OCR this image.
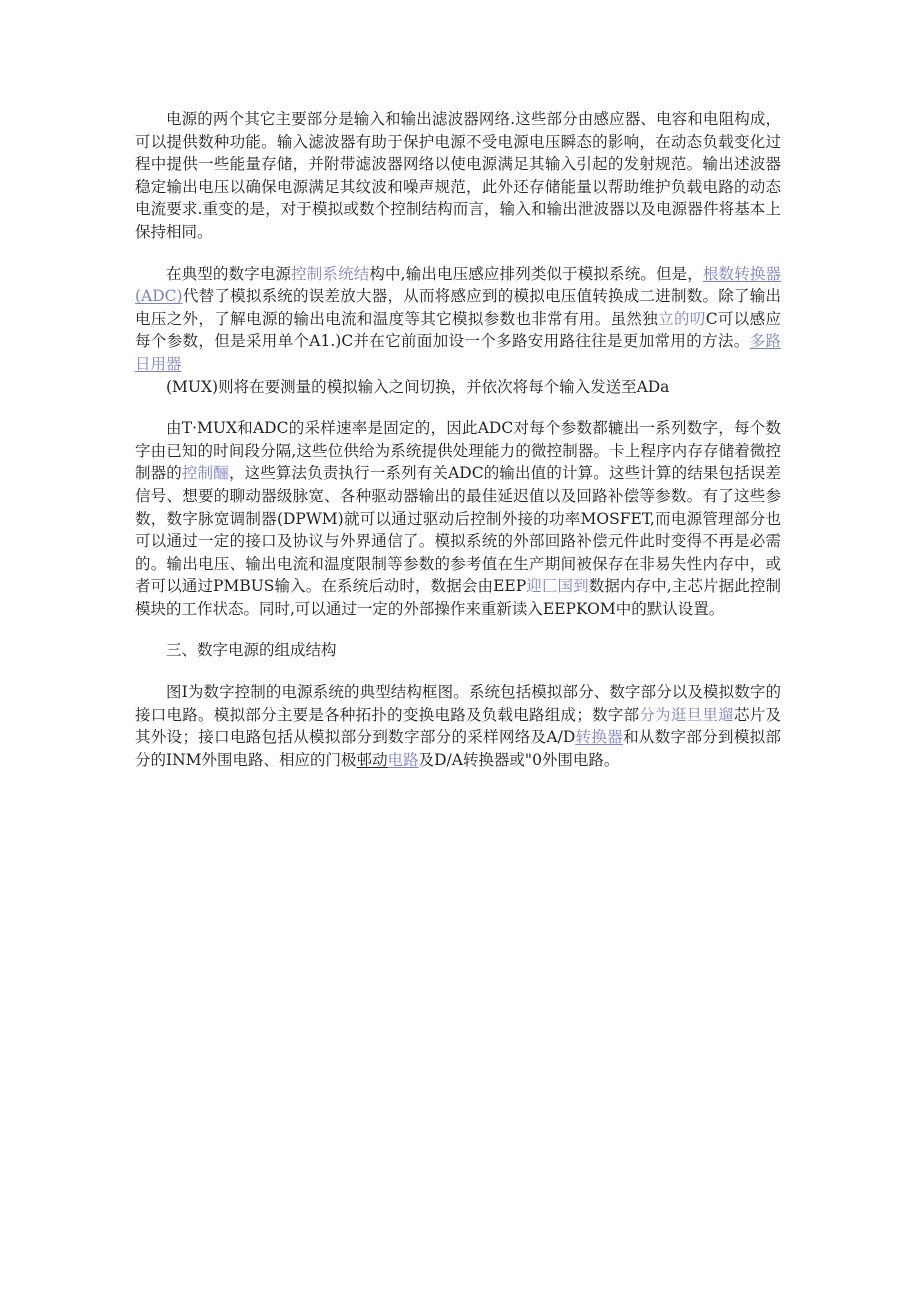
电源的两个其它主要部分是输入和输出滤波器网络.这些部分由感应器、电容和电阻构成，可以提供数种功能。输入滤波器有助于保护电源不受电源电压瞬态的影响，在动态负载变化过程中提供一些能量存储，并附带滤波器网络以使电源满足其输入引起的发射规范。输出述波器稳定输出电压以确保电源满足其纹波和噪声规范，此外还存储能量以帮助维护负载电路的动态电流要求.重变的是，对于模拟或数个控制结构而言，输入和输出泄波器以及电源器件将基本上保持相同。

在典型的数字电源控制系统结构中,输出电压感应排列类似于模拟系统。但是，根数转换器(ADC)代替了模拟系统的误差放大器，从而将感应到的模拟电压值转换成二进制数。除了输出电压之外，了解电源的输出电流和温度等其它模拟参数也非常有用。虽然独立的叨C可以感应每个参数，但是采用单个A1.)C并在它前面加设一个多路安用路往往是更加常用的方法。多路日用器
(MUX)则将在要测量的模拟输入之间切换，并依次将每个输入发送至ADa

由T·MUX和ADC的采样速率是固定的，因此ADC对每个参数都辘出一系列数字，每个数字由已知的时间段分隔,这些位供给为系统提供处理能力的微控制器。卡上程序内存存储着微控制器的控制酾，这些算法负责执行一系列有关ADC的输出值的计算。这些计算的结果包括误差信号、想要的聊动器级脉宽、各种驱动器输出的最佳延迟值以及回路补偿等参数。有了这些参数，数字脉宽调制器(DPWM)就可以通过驱动后控制外接的功率MOSFET,而电源管理部分也可以通过一定的接口及协议与外界通信了。模拟系统的外部回路补偿元件此时变得不再是必需的。输出电压、输出电流和温度限制等参数的参考值在生产期间被保存在非易失性内存中，或者可以通过PMBUS输入。在系统后动时，数据会由EEP迎匚国到数据内存中,主芯片据此控制模块的工作状态。同时,可以通过一定的外部操作来重新读入EEPKOM中的默认设置。

三、数字电源的组成结构

图I为数字控制的电源系统的典型结构框图。系统包括模拟部分、数字部分以及模拟数字的接口电路。模拟部分主要是各种拓扑的变换电路及负载电路组成；数字部分为逛旦里遛芯片及其外设；接口电路包括从模拟部分到数字部分的采样网络及A/D转换器和从数字部分到模拟部分的INM外围电路、相应的门极邨动电路及D/A转换器或"0外围电路。
